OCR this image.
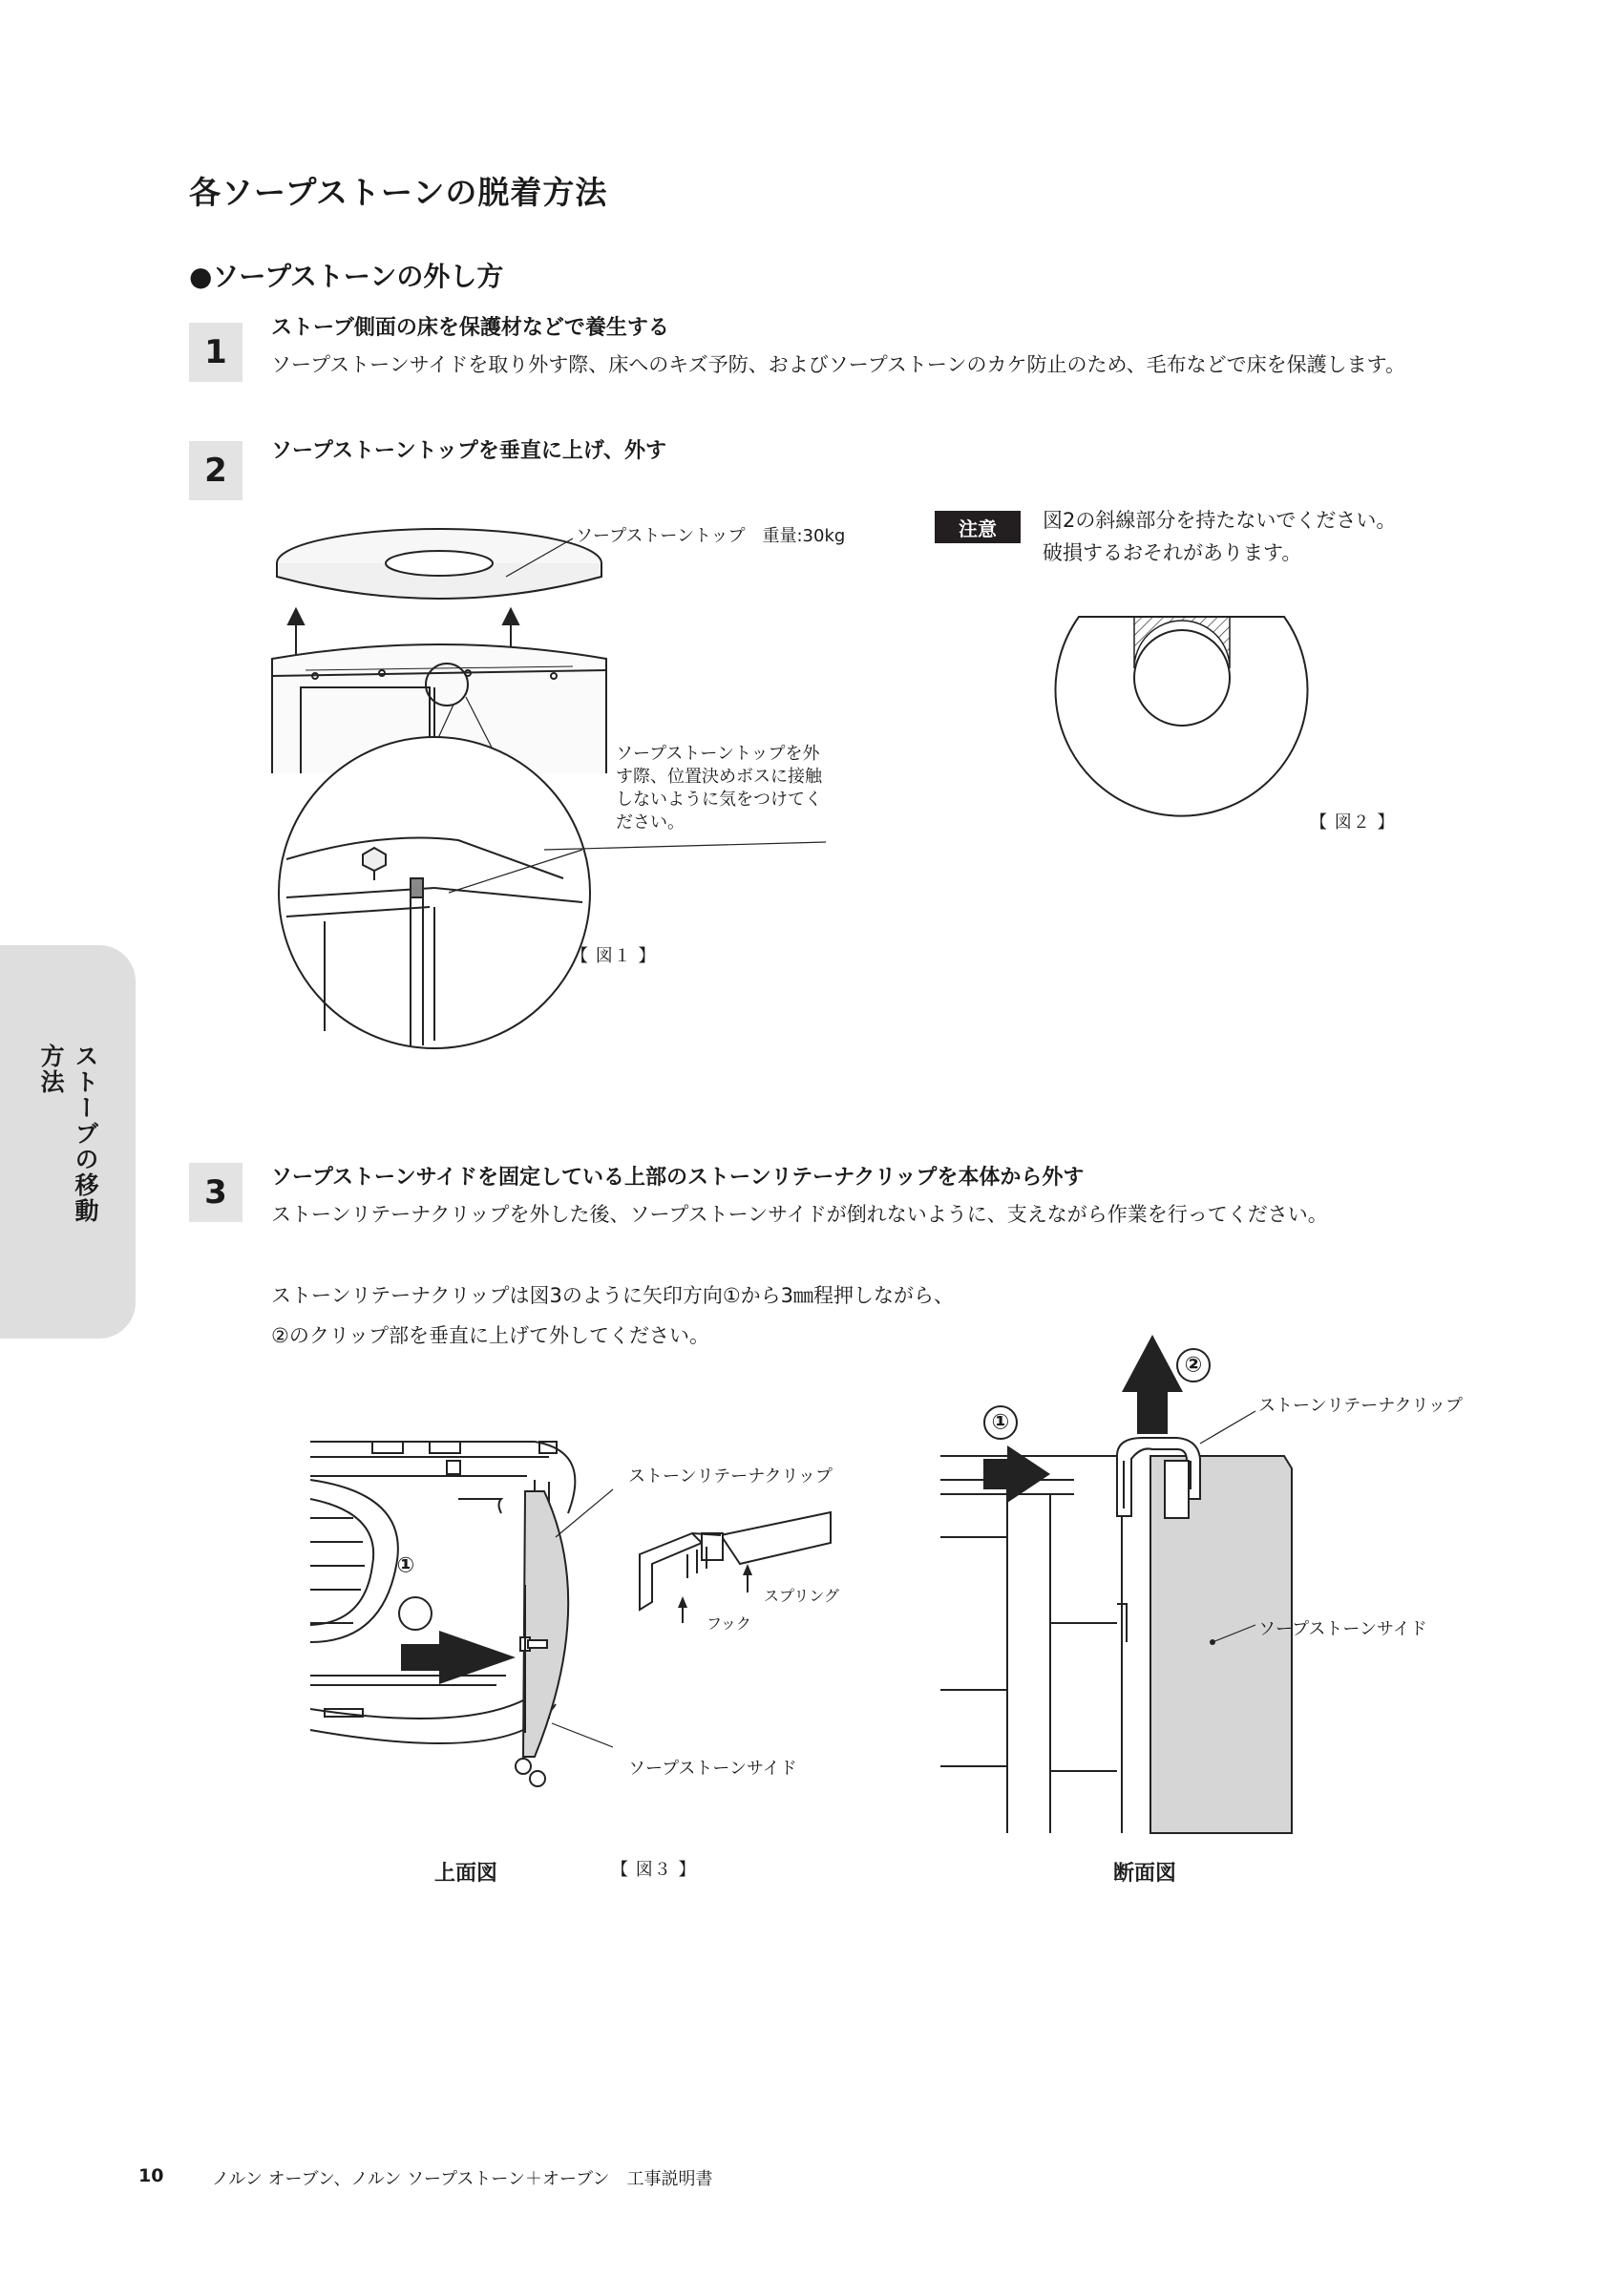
各ソープストーンの脱着方法
●ソープストーンの外し方
ストーブの移動方法
1
ストーブ側面の床を保護材などで養生する
ソープストーンサイドを取り外す際、床へのキズ予防、およびソープストーンのカケ防止のため、毛布などで床を保護します。
2
ソープストーントップを垂直に上げ、外す
ソープストーントップ　重量:30kg
ソープストーントップを外
す際、位置決めボスに接触
しないように気をつけてく
ださい。
【 図１ 】
注意	図2の斜線部分を持たないでください。
破損するおそれがあります。
【 図２ 】
3	ソープストーンサイドを固定している上部のストーンリテーナクリップを本体から外す
ストーンリテーナクリップを外した後、ソープストーンサイドが倒れないように、支えながら作業を行ってください。
ストーンリテーナクリップは図3のように矢印方向①から3㎜程押しながら、
②のクリップ部を垂直に上げて外してください。
①
ストーンリテーナクリップ
スプリング
フック
ソープストーンサイド
上面図	【 図３ 】
①
②
ストーンリテーナクリップ
ソープストーンサイド
断面図
10	ノルン オーブン、ノルン ソープストーン＋オーブン　工事説明書
